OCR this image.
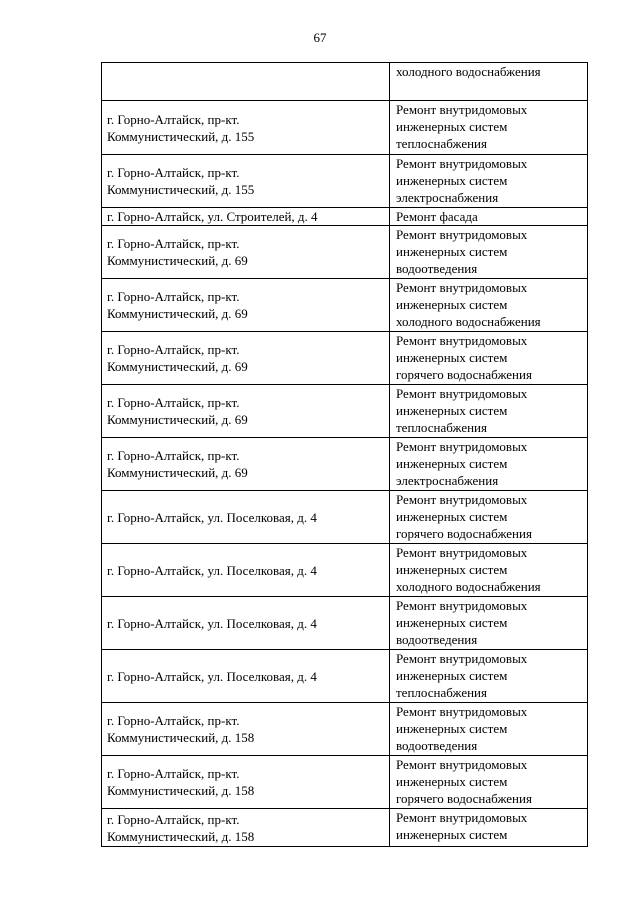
67

	холодного водоснабжения

г. Горно-Алтайск, пр-кт.
Коммунистический, д. 155	Ремонт внутридомовых
инженерных систем
теплоснабжения

г. Горно-Алтайск, пр-кт.
Коммунистический, д. 155	Ремонт внутридомовых
инженерных систем
электроснабжения

г. Горно-Алтайск, ул. Строителей, д. 4	Ремонт фасада

г. Горно-Алтайск, пр-кт.
Коммунистический, д. 69	Ремонт внутридомовых
инженерных систем
водоотведения

г. Горно-Алтайск, пр-кт.
Коммунистический, д. 69	Ремонт внутридомовых
инженерных систем
холодного водоснабжения

г. Горно-Алтайск, пр-кт.
Коммунистический, д. 69	Ремонт внутридомовых
инженерных систем
горячего водоснабжения

г. Горно-Алтайск, пр-кт.
Коммунистический, д. 69	Ремонт внутридомовых
инженерных систем
теплоснабжения

г. Горно-Алтайск, пр-кт.
Коммунистический, д. 69	Ремонт внутридомовых
инженерных систем
электроснабжения

г. Горно-Алтайск, ул. Поселковая, д. 4	Ремонт внутридомовых
инженерных систем
горячего водоснабжения

г. Горно-Алтайск, ул. Поселковая, д. 4	Ремонт внутридомовых
инженерных систем
холодного водоснабжения

г. Горно-Алтайск, ул. Поселковая, д. 4	Ремонт внутридомовых
инженерных систем
водоотведения

г. Горно-Алтайск, ул. Поселковая, д. 4	Ремонт внутридомовых
инженерных систем
теплоснабжения

г. Горно-Алтайск, пр-кт.
Коммунистический, д. 158	Ремонт внутридомовых
инженерных систем
водоотведения

г. Горно-Алтайск, пр-кт.
Коммунистический, д. 158	Ремонт внутридомовых
инженерных систем
горячего водоснабжения

г. Горно-Алтайск, пр-кт.
Коммунистический, д. 158	Ремонт внутридомовых
инженерных систем
